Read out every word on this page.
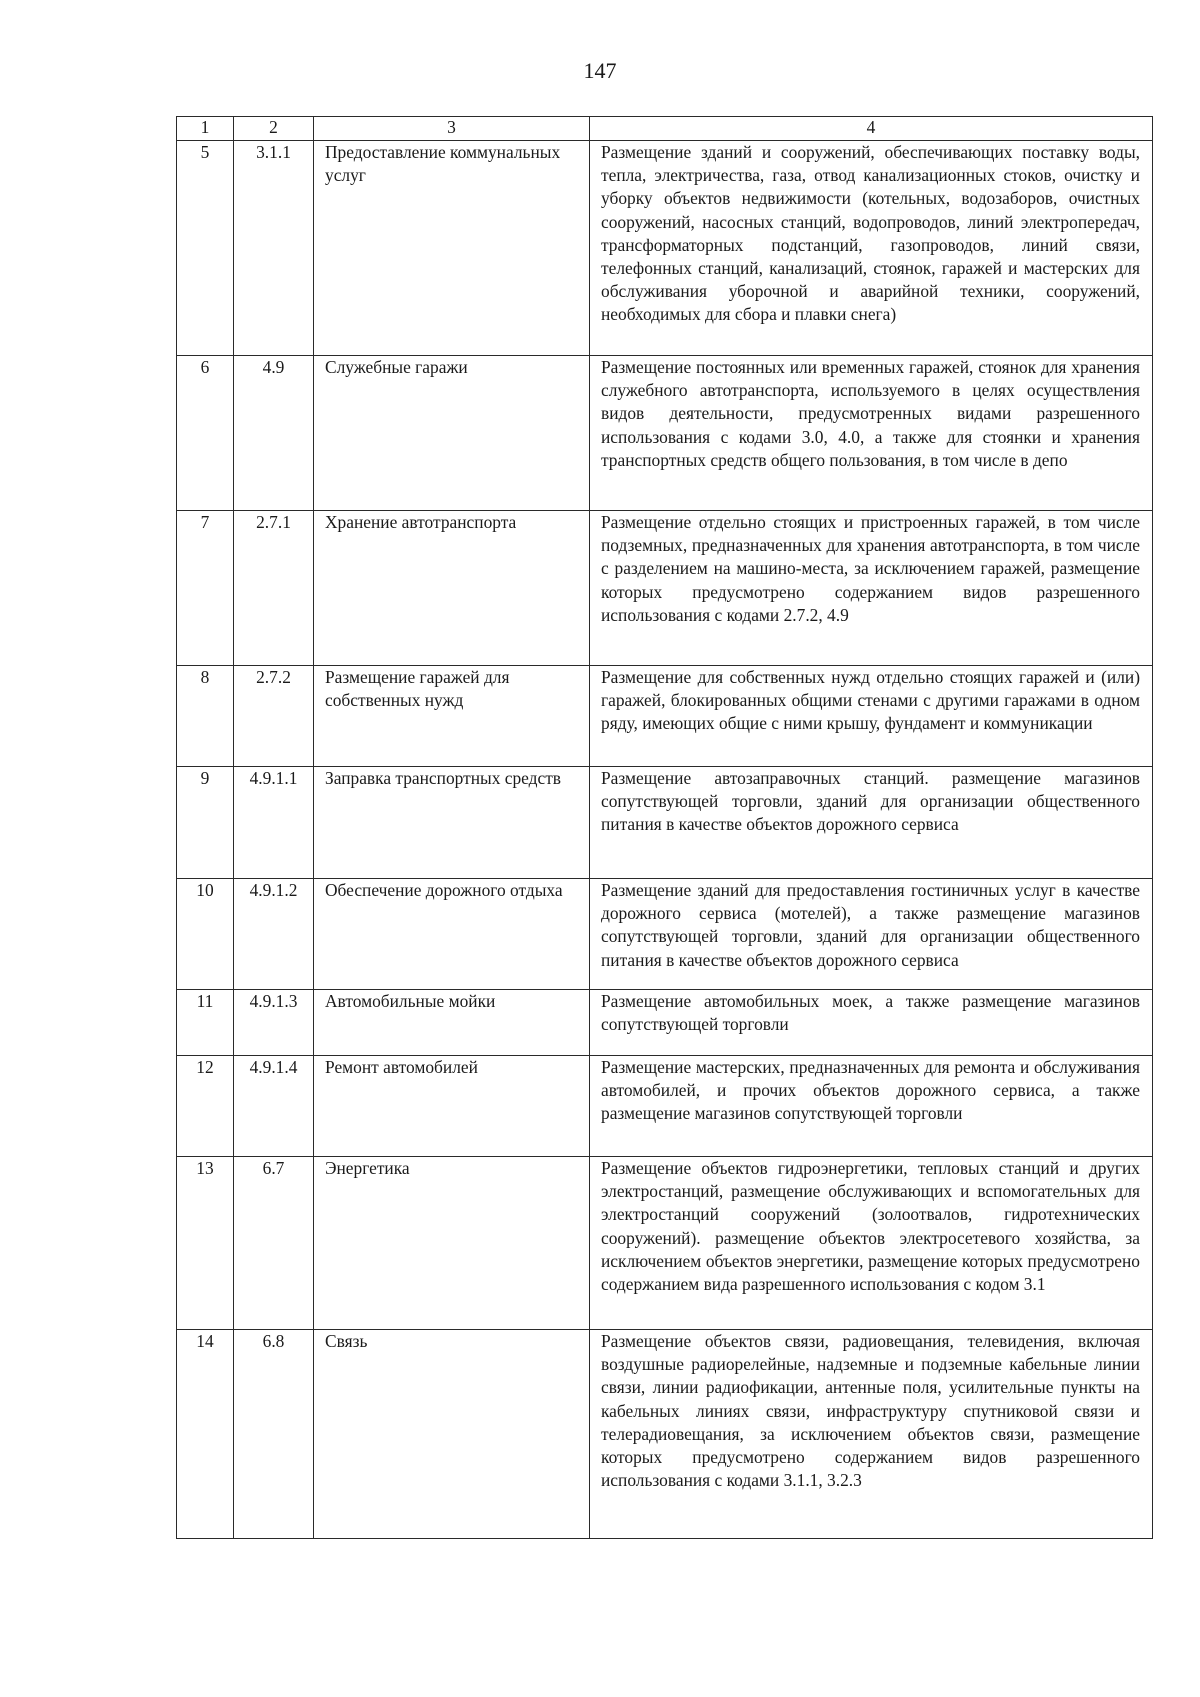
147
1	2	3	4
5	3.1.1	Предоставление коммунальных услуг	Размещение зданий и сооружений, обеспечивающих поставку воды, тепла, электричества, газа, отвод канализационных стоков, очистку и уборку объектов недвижимости (котельных, водозаборов, очистных сооружений, насосных станций, водопроводов, линий электропередач, трансформаторных подстанций, газопроводов, линий связи, телефонных станций, канализаций, стоянок, гаражей и мастерских для обслуживания уборочной и аварийной техники, сооружений, необходимых для сбора и плавки снега)
6	4.9	Служебные гаражи	Размещение постоянных или временных гаражей, стоянок для хранения служебного автотранспорта, используемого в целях осуществления видов деятельности, предусмотренных видами разрешенного использования с кодами 3.0, 4.0, а также для стоянки и хранения транспортных средств общего пользования, в том числе в депо
7	2.7.1	Хранение автотранспорта	Размещение отдельно стоящих и пристроенных гаражей, в том числе подземных, предназначенных для хранения автотранспорта, в том числе с разделением на машино-места, за исключением гаражей, размещение которых предусмотрено содержанием видов разрешенного использования с кодами 2.7.2, 4.9
8	2.7.2	Размещение гаражей для собственных нужд	Размещение для собственных нужд отдельно стоящих гаражей и (или) гаражей, блокированных общими стенами с другими гаражами в одном ряду, имеющих общие с ними крышу, фундамент и коммуникации
9	4.9.1.1	Заправка транспортных средств	Размещение автозаправочных станций. размещение магазинов сопутствующей торговли, зданий для организации общественного питания в качестве объектов дорожного сервиса
10	4.9.1.2	Обеспечение дорожного отдыха	Размещение зданий для предоставления гостиничных услуг в качестве дорожного сервиса (мотелей), а также размещение магазинов сопутствующей торговли, зданий для организации общественного питания в качестве объектов дорожного сервиса
11	4.9.1.3	Автомобильные мойки	Размещение автомобильных моек, а также размещение магазинов сопутствующей торговли
12	4.9.1.4	Ремонт автомобилей	Размещение мастерских, предназначенных для ремонта и обслуживания автомобилей, и прочих объектов дорожного сервиса, а также размещение магазинов сопутствующей торговли
13	6.7	Энергетика	Размещение объектов гидроэнергетики, тепловых станций и других электростанций, размещение обслуживающих и вспомогательных для электростанций сооружений (золоотвалов, гидротехнических сооружений). размещение объектов электросетевого хозяйства, за исключением объектов энергетики, размещение которых предусмотрено содержанием вида разрешенного использования с кодом 3.1
14	6.8	Связь	Размещение объектов связи, радиовещания, телевидения, включая воздушные радиорелейные, надземные и подземные кабельные линии связи, линии радиофикации, антенные поля, усилительные пункты на кабельных линиях связи, инфраструктуру спутниковой связи и телерадиовещания, за исключением объектов связи, размещение которых предусмотрено содержанием видов разрешенного использования с кодами 3.1.1, 3.2.3
